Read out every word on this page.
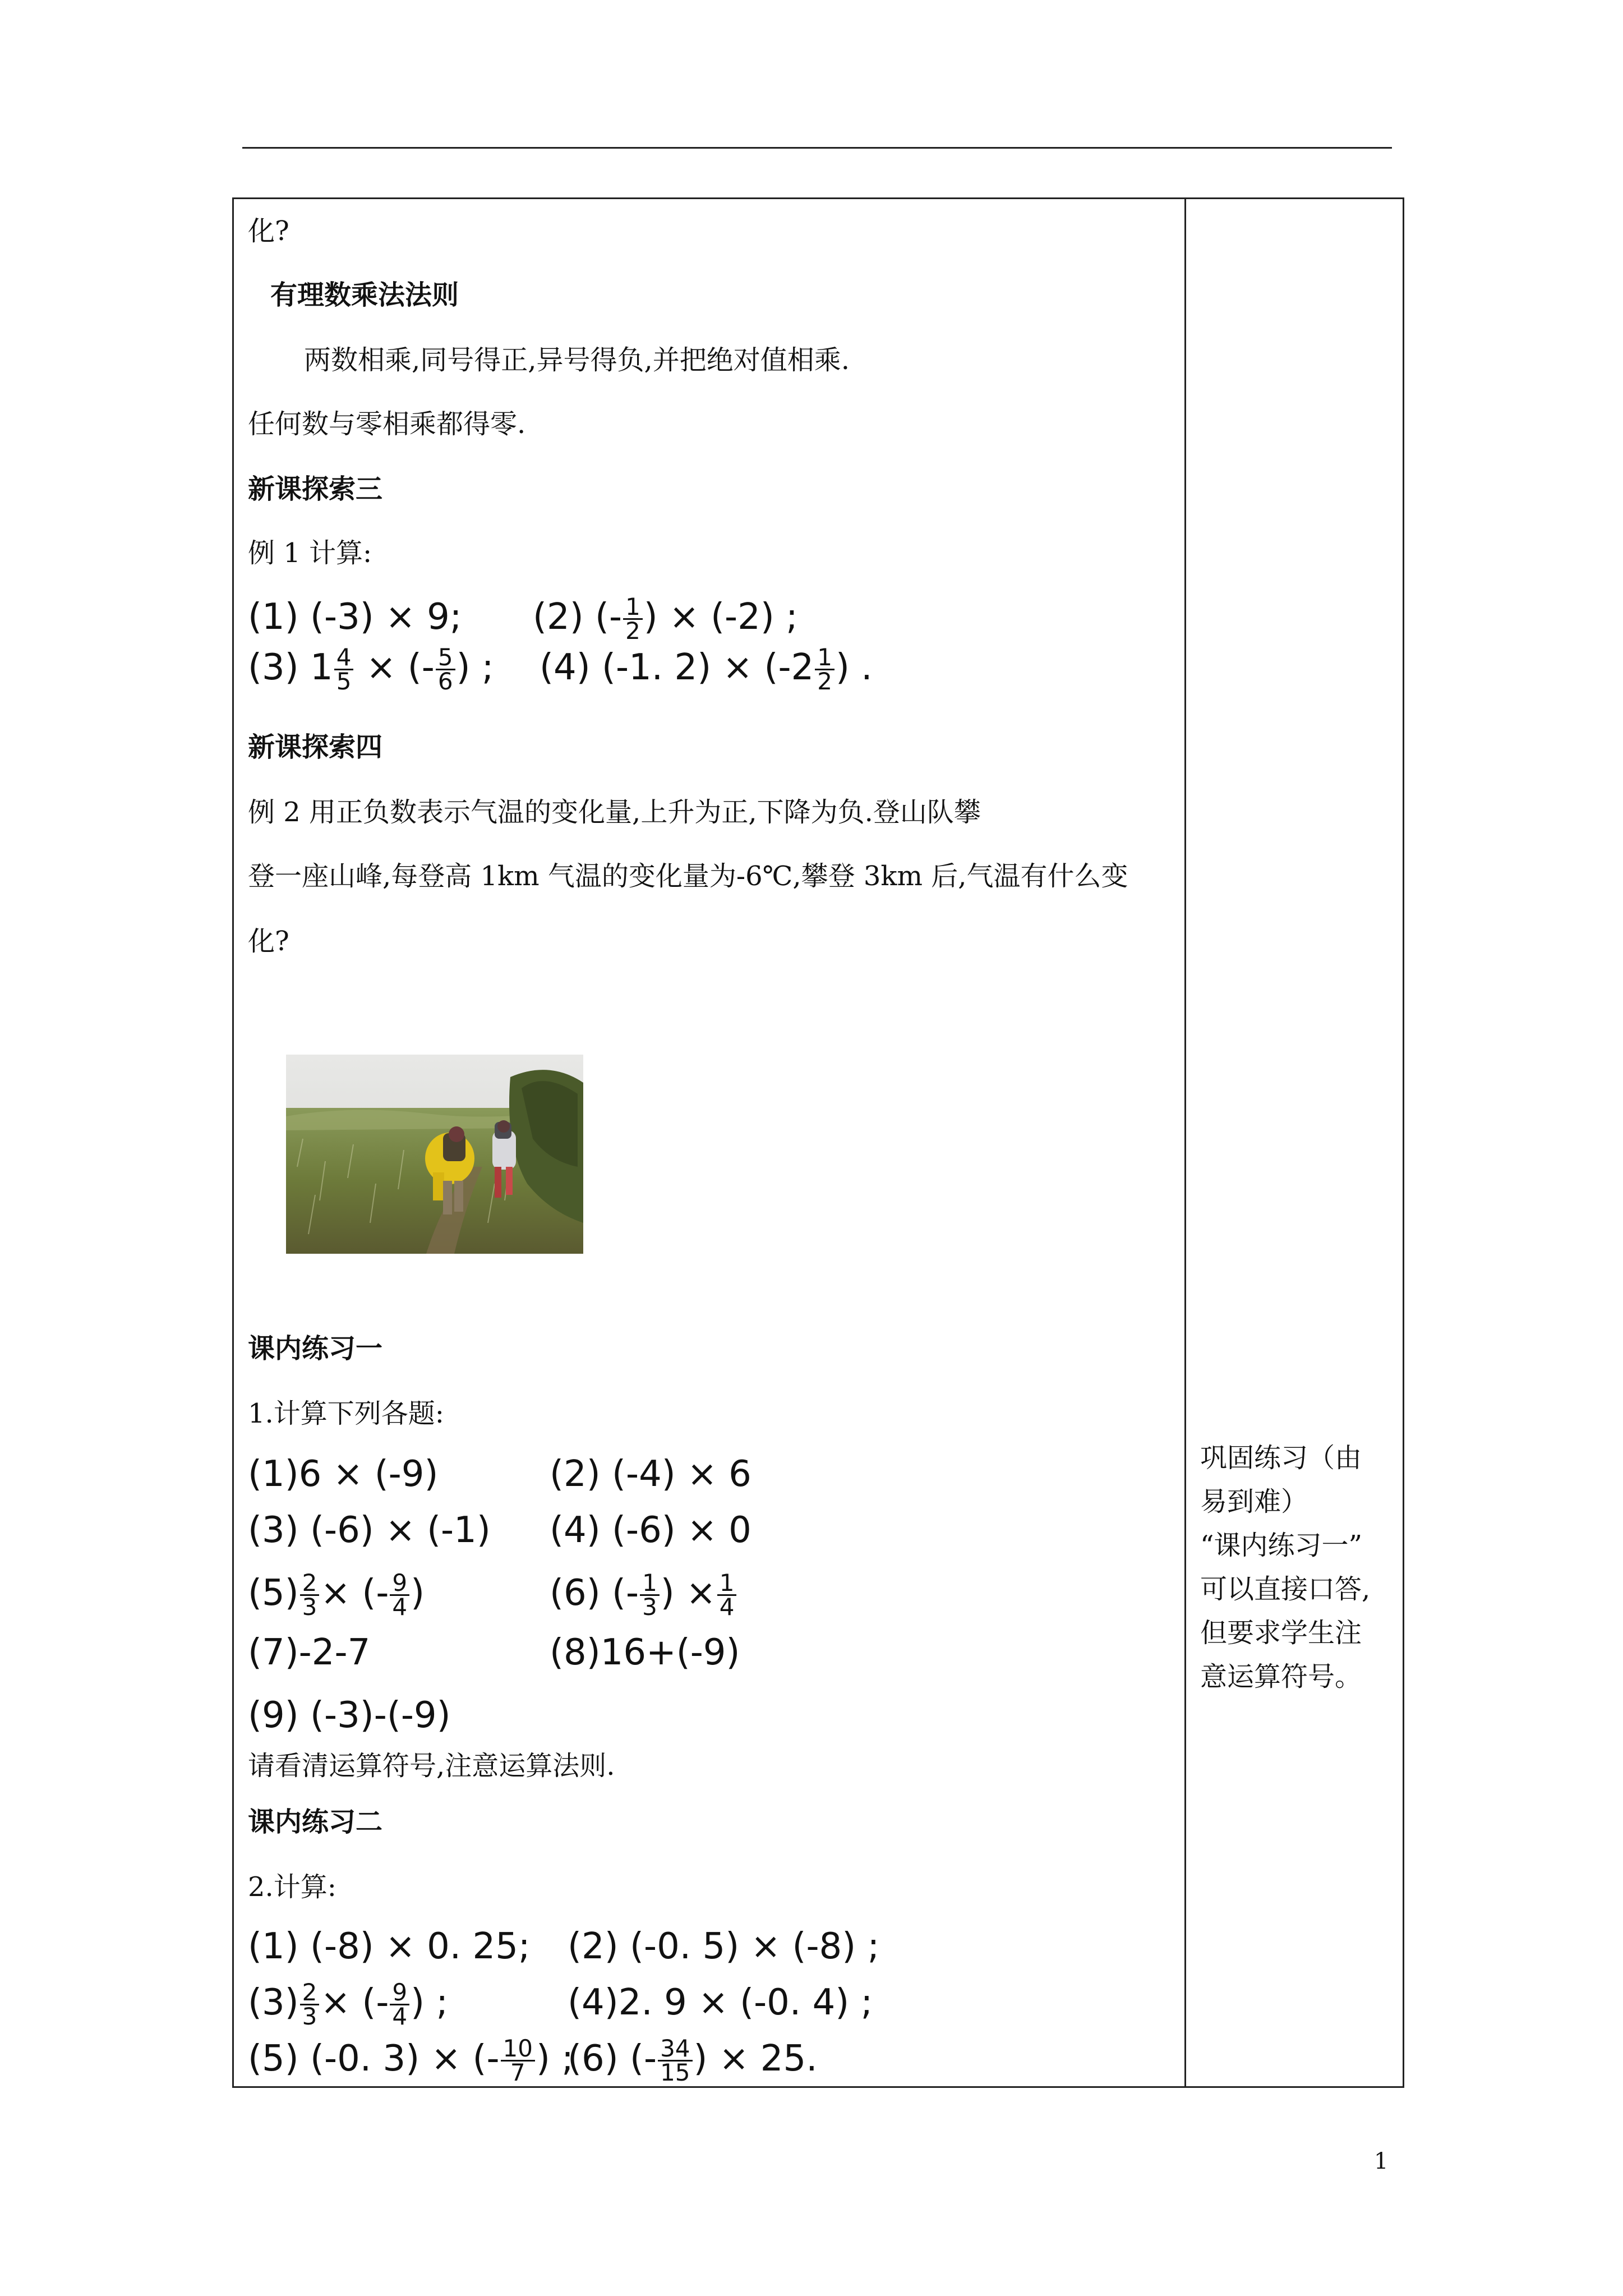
化?
有理数乘法法则
两数相乘,同号得正,异号得负,并把绝对值相乘.
任何数与零相乘都得零.
新课探索三
例 1 计算:
(1) (-3) × 9; (2) (- $\frac{1}{2}$ ) × (-2) ;
(3) $1 \frac{4}{5}$ × (- $\frac{5}{6}$ ) ; (4) (-1. $2) \times (-2 \frac{1}{2}$ ) .
新课探索四
例 2 用正负数表示气温的变化量,上升为正,下降为负.登山队攀
登一座山峰,每登高 1km 气温的变化量为-6℃,攀登 3km 后,气温有什么变
化?
课内练习一
1.计算下列各题:
(1)6 × (-9)	(2) (-4) × 6
(3) (-6) × (-1) (4) (-6) × 0
$(5) \frac{2}{3}$ × (- $\frac{9}{4}$ )	(6) (- $\frac{1}{3}$ ) × $\frac{1}{4}$
(7)-2-7	(8)16+(-9)
(9) (-3)-(-9)
请看清运算符号,注意运算法则.
课内练习二
2.计算:
(1) (-8) × 0. 25; (2) (-0. 5) × (-8) ;
$(3) \frac{2}{3}$ × (- $\frac{9}{4}$ ) ;	(4)2. 9 × (-0. 4) ;
(5) (-0. 3) × (- $\frac{10}{7}$ ) ;
(6) (- $\frac{34}{15}$ ) × 25.
巩固练习（由
易到难）
“课内练习一”
可以直接口答,
但要求学生注
意运算符号。
1
